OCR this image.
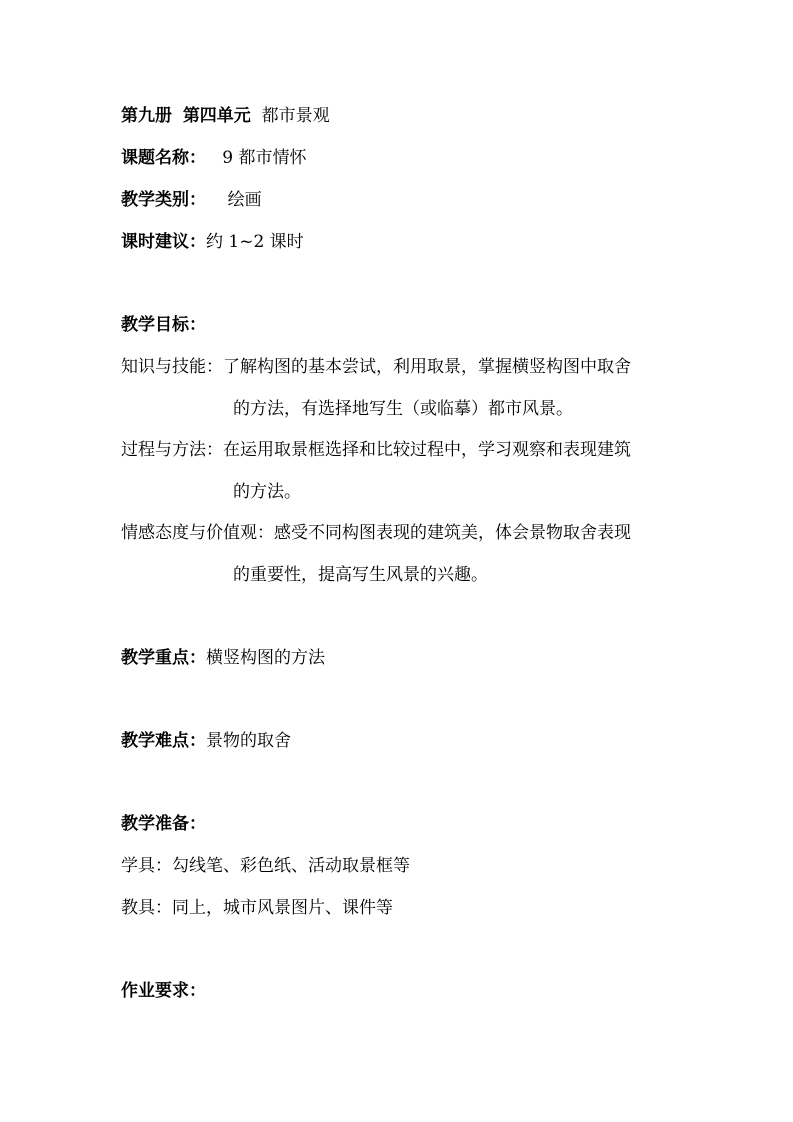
第九册 第四单元 都市景观
课题名称： 9 都市情怀
教学类别： 绘画
课时建议：约 1~2 课时
教学目标：
知识与技能：了解构图的基本尝试，利用取景，掌握横竖构图中取舍
的方法，有选择地写生（或临摹）都市风景。
过程与方法：在运用取景框选择和比较过程中，学习观察和表现建筑
的方法。
情感态度与价值观：感受不同构图表现的建筑美，体会景物取舍表现
的重要性，提高写生风景的兴趣。
教学重点：横竖构图的方法
教学难点：景物的取舍
教学准备：
学具：勾线笔、彩色纸、活动取景框等
教具：同上，城市风景图片、课件等
作业要求：
